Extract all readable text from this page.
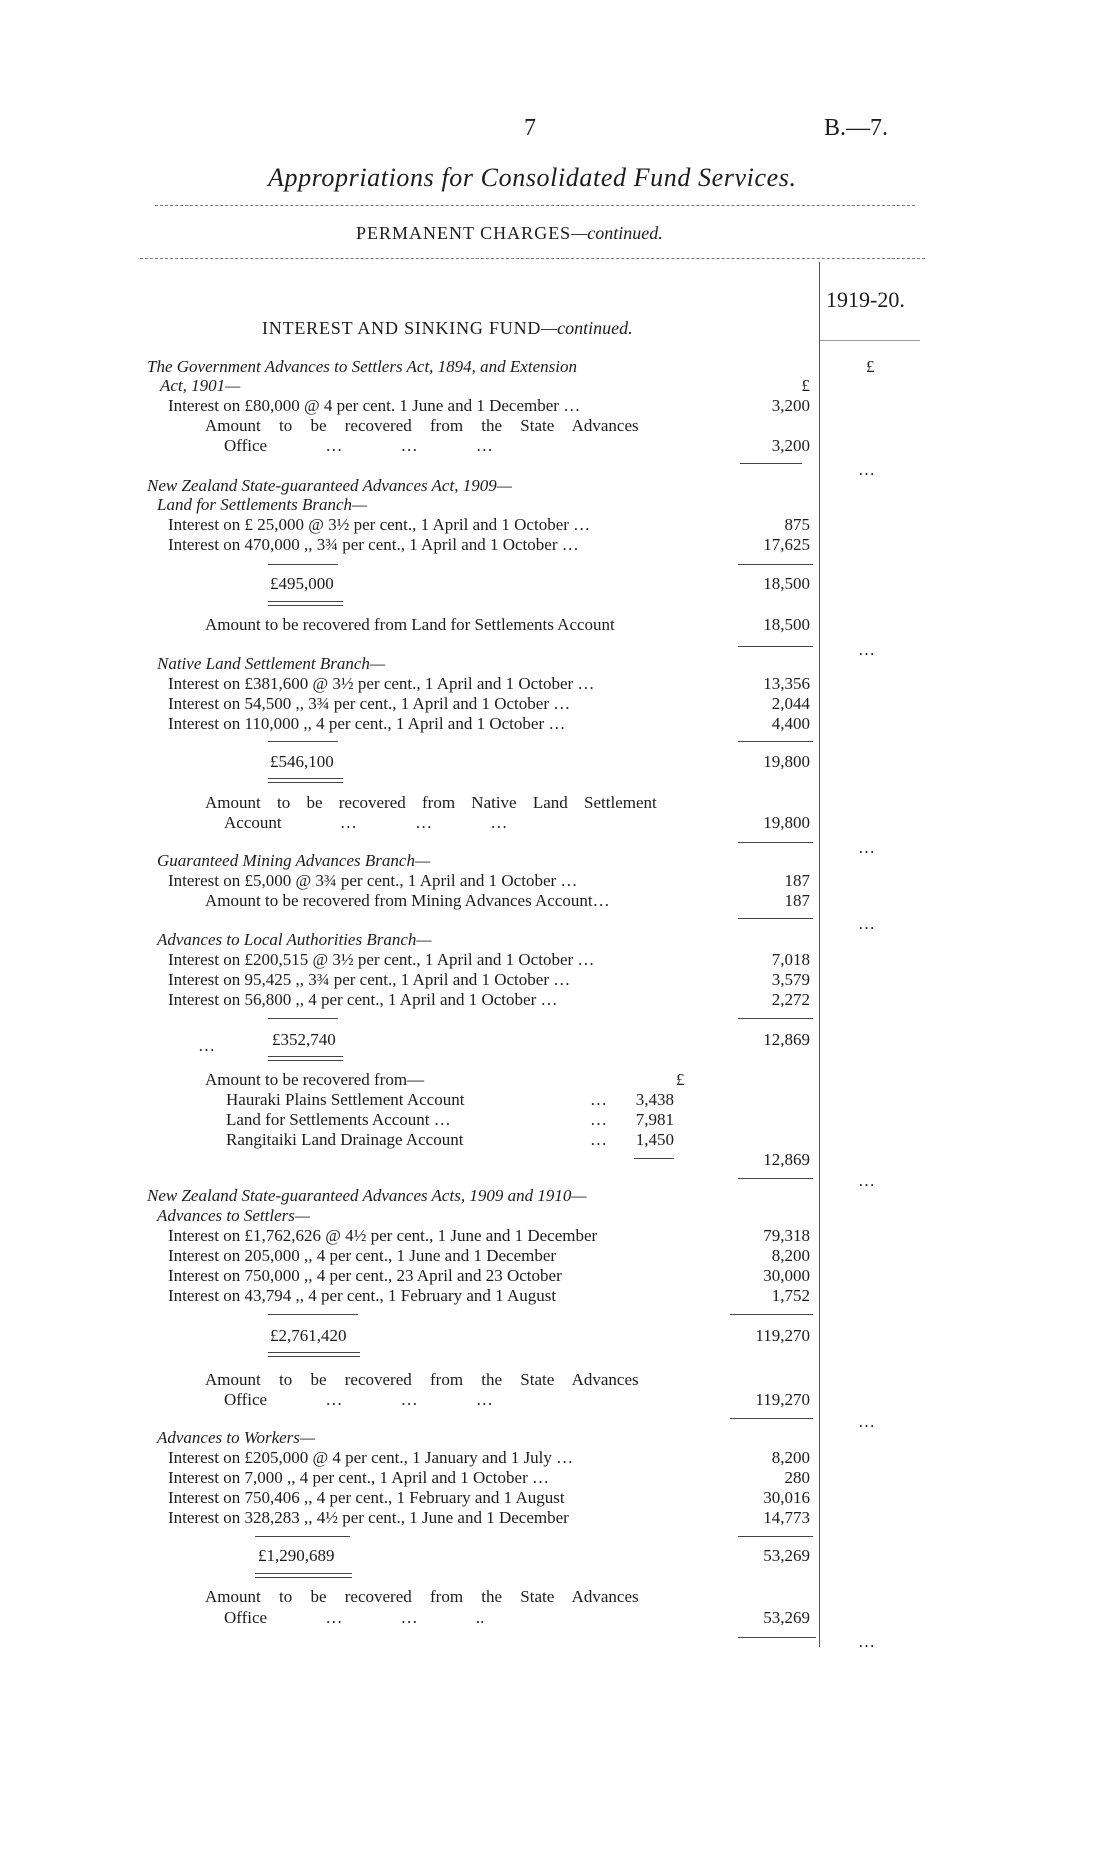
7	B.—7.
Appropriations for Consolidated Fund Services.
PERMANENT CHARGES—continued.
1919-20.
£
INTEREST AND SINKING FUND—continued.
The Government Advances to Settlers Act, 1894, and Extension
Act, 1901—	£
Interest on £80,000 @ 4 per cent. 1 June and 1 December …	3,200
Amount to be recovered from the State Advances
Office … … …	3,200
…
New Zealand State-guaranteed Advances Act, 1909—
Land for Settlements Branch—
Interest on £ 25,000 @ 3½ per cent., 1 April and 1 October …	875
Interest on 470,000 ,, 3¾ per cent., 1 April and 1 October …	17,625
£495,000	18,500
Amount to be recovered from Land for Settlements Account	18,500
…
Native Land Settlement Branch—
Interest on £381,600 @ 3½ per cent., 1 April and 1 October …	13,356
Interest on 54,500 ,, 3¾ per cent., 1 April and 1 October …	2,044
Interest on 110,000 ,, 4 per cent., 1 April and 1 October …	4,400
£546,100	19,800
Amount to be recovered from Native Land Settlement
Account … … …	19,800
…
Guaranteed Mining Advances Branch—
Interest on £5,000 @ 3¾ per cent., 1 April and 1 October …	187
Amount to be recovered from Mining Advances Account…	187
…
Advances to Local Authorities Branch—
Interest on £200,515 @ 3½ per cent., 1 April and 1 October …	7,018
Interest on 95,425 ,, 3¾ per cent., 1 April and 1 October …	3,579
Interest on 56,800 ,, 4 per cent., 1 April and 1 October …	2,272
…	£352,740	12,869
Amount to be recovered from—	£
Hauraki Plains Settlement Account	…	3,438
Land for Settlements Account …	…	7,981
Rangitaiki Land Drainage Account	…	1,450
12,869
…
New Zealand State-guaranteed Advances Acts, 1909 and 1910—
Advances to Settlers—
Interest on £1,762,626 @ 4½ per cent., 1 June and 1 December	79,318
Interest on 205,000 ,, 4 per cent., 1 June and 1 December	8,200
Interest on 750,000 ,, 4 per cent., 23 April and 23 October	30,000
Interest on 43,794 ,, 4 per cent., 1 February and 1 August	1,752
£2,761,420	119,270
Amount to be recovered from the State Advances
Office … … …	119,270
…
Advances to Workers—
Interest on £205,000 @ 4 per cent., 1 January and 1 July …	8,200
Interest on 7,000 ,, 4 per cent., 1 April and 1 October …	280
Interest on 750,406 ,, 4 per cent., 1 February and 1 August	30,016
Interest on 328,283 ,, 4½ per cent., 1 June and 1 December	14,773
£1,290,689	53,269
Amount to be recovered from the State Advances
Office … … ..	53,269
…
